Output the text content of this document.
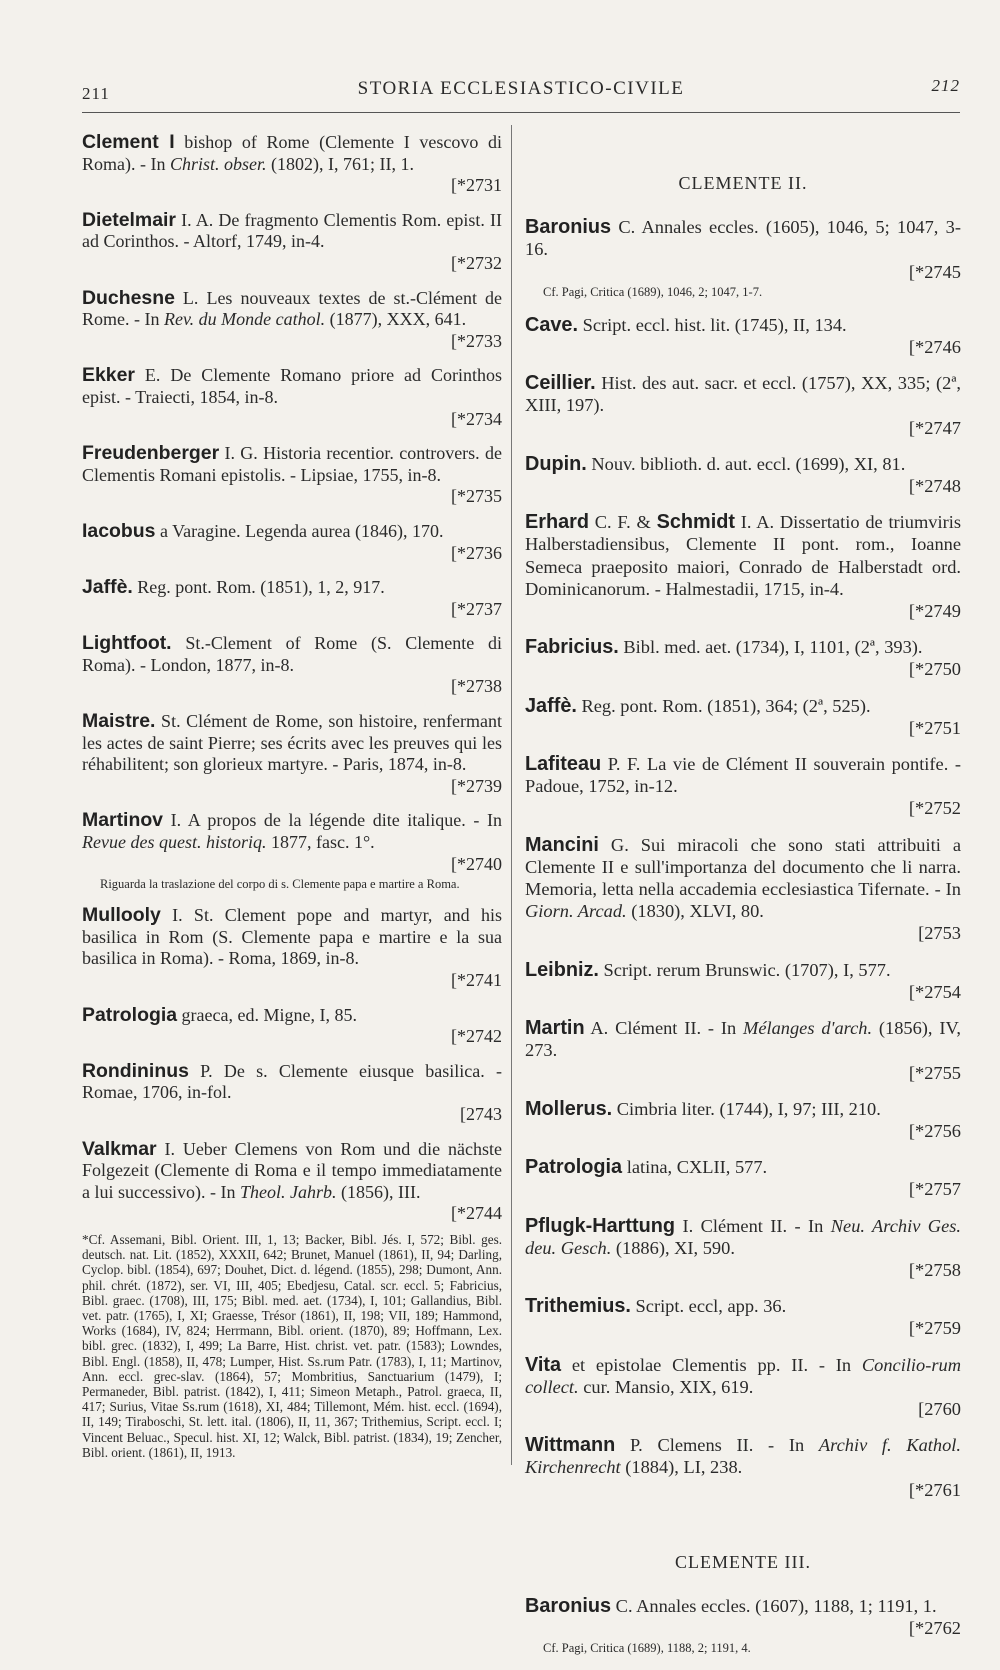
211	STORIA ECCLESIASTICO-CIVILE	212

Clement I bishop of Rome (Clemente I vescovo di Roma). - In Christ. obser. (1802), I, 761; II, 1.
[*2731

Dietelmair I. A. De fragmento Clementis Rom. epist. II ad Corinthos. - Altorf, 1749, in-4.
[*2732

Duchesne L. Les nouveaux textes de st.-Clément de Rome. - In Rev. du Monde cathol. (1877), XXX, 641.
[*2733

Ekker E. De Clemente Romano priore ad Corinthos epist. - Traiecti, 1854, in-8.
[*2734

Freudenberger I. G. Historia recentior. controvers. de Clementis Romani epistolis. - Lipsiae, 1755, in-8.
[*2735

Iacobus a Varagine. Legenda aurea (1846), 170.
[*2736

Jaffè. Reg. pont. Rom. (1851), 1, 2, 917.
[*2737

Lightfoot. St.-Clement of Rome (S. Clemente di Roma). - London, 1877, in-8.
[*2738

Maistre. St. Clément de Rome, son histoire, renfermant les actes de saint Pierre; ses écrits avec les preuves qui les réhabilitent; son glorieux martyre. - Paris, 1874, in-8.
[*2739

Martinov I. A propos de la légende dite italique. - In Revue des quest. historiq. 1877, fasc. 1°.
[*2740
Riguarda la traslazione del corpo di s. Clemente papa e martire a Roma.

Mullooly I. St. Clement pope and martyr, and his basilica in Rom (S. Clemente papa e martire e la sua basilica in Roma). - Roma, 1869, in-8.
[*2741

Patrologia graeca, ed. Migne, I, 85.
[*2742

Rondininus P. De s. Clemente eiusque basilica. - Romae, 1706, in-fol.
[2743

Valkmar I. Ueber Clemens von Rom und die nächste Folgezeit (Clemente di Roma e il tempo immediatamente a lui successivo). - In Theol. Jahrb. (1856), III.
[*2744

*Cf. Assemani, Bibl. Orient. III, 1, 13; Backer, Bibl. Jés. I, 572; Bibl. ges. deutsch. nat. Lit. (1852), XXXII, 642; Brunet, Manuel (1861), II, 94; Darling, Cyclop. bibl. (1854), 697; Douhet, Dict. d. légend. (1855), 298; Dumont, Ann. phil. chrét. (1872), ser. VI, III, 405; Ebedjesu, Catal. scr. eccl. 5; Fabricius, Bibl. graec. (1708), III, 175; Bibl. med. aet. (1734), I, 101; Gallandius, Bibl. vet. patr. (1765), I, XI; Graesse, Trésor (1861), II, 198; VII, 189; Hammond, Works (1684), IV, 824; Herrmann, Bibl. orient. (1870), 89; Hoffmann, Lex. bibl. grec. (1832), I, 499; La Barre, Hist. christ. vet. patr. (1583); Lowndes, Bibl. Engl. (1858), II, 478; Lumper, Hist. Ss.rum Patr. (1783), I, 11; Martinov, Ann. eccl. grec-slav. (1864), 57; Mombritius, Sanctuarium (1479), I; Permaneder, Bibl. patrist. (1842), I, 411; Simeon Metaph., Patrol. graeca, II, 417; Surius, Vitae Ss.rum (1618), XI, 484; Tillemont, Mém. hist. eccl. (1694), II, 149; Tiraboschi, St. lett. ital. (1806), II, 11, 367; Trithemius, Script. eccl. I; Vincent Beluac., Specul. hist. XI, 12; Walck, Bibl. patrist. (1834), 19; Zencher, Bibl. orient. (1861), II, 1913.

CLEMENTE II.

Baronius C. Annales eccles. (1605), 1046, 5; 1047, 3-16.
[*2745
Cf. Pagi, Critica (1689), 1046, 2; 1047, 1-7.

Cave. Script. eccl. hist. lit. (1745), II, 134.
[*2746

Ceillier. Hist. des aut. sacr. et eccl. (1757), XX, 335; (2ª, XIII, 197).
[*2747

Dupin. Nouv. biblioth. d. aut. eccl. (1699), XI, 81.
[*2748

Erhard C. F. & Schmidt I. A. Dissertatio de triumviris Halberstadiensibus, Clemente II pont. rom., Ioanne Semeca praeposito maiori, Conrado de Halberstadt ord. Dominicanorum. - Halmestadii, 1715, in-4.
[*2749

Fabricius. Bibl. med. aet. (1734), I, 1101, (2ª, 393).
[*2750

Jaffè. Reg. pont. Rom. (1851), 364; (2ª, 525).
[*2751

Lafiteau P. F. La vie de Clément II souverain pontife. - Padoue, 1752, in-12.
[*2752

Mancini G. Sui miracoli che sono stati attribuiti a Clemente II e sull'importanza del documento che li narra. Memoria, letta nella accademia ecclesiastica Tifernate. - In Giorn. Arcad. (1830), XLVI, 80.
[2753

Leibniz. Script. rerum Brunswic. (1707), I, 577.
[*2754

Martin A. Clément II. - In Mélanges d'arch. (1856), IV, 273.
[*2755

Mollerus. Cimbria liter. (1744), I, 97; III, 210.
[*2756

Patrologia latina, CXLII, 577.
[*2757

Pflugk-Harttung I. Clément II. - In Neu. Archiv Ges. deu. Gesch. (1886), XI, 590.
[*2758

Trithemius. Script. eccl, app. 36.
[*2759

Vita et epistolae Clementis pp. II. - In Concilio-rum collect. cur. Mansio, XIX, 619.
[2760

Wittmann P. Clemens II. - In Archiv f. Kathol. Kirchenrecht (1884), LI, 238.
[*2761

CLEMENTE III.

Baronius C. Annales eccles. (1607), 1188, 1; 1191, 1.
[*2762
Cf. Pagi, Critica (1689), 1188, 2; 1191, 4.
